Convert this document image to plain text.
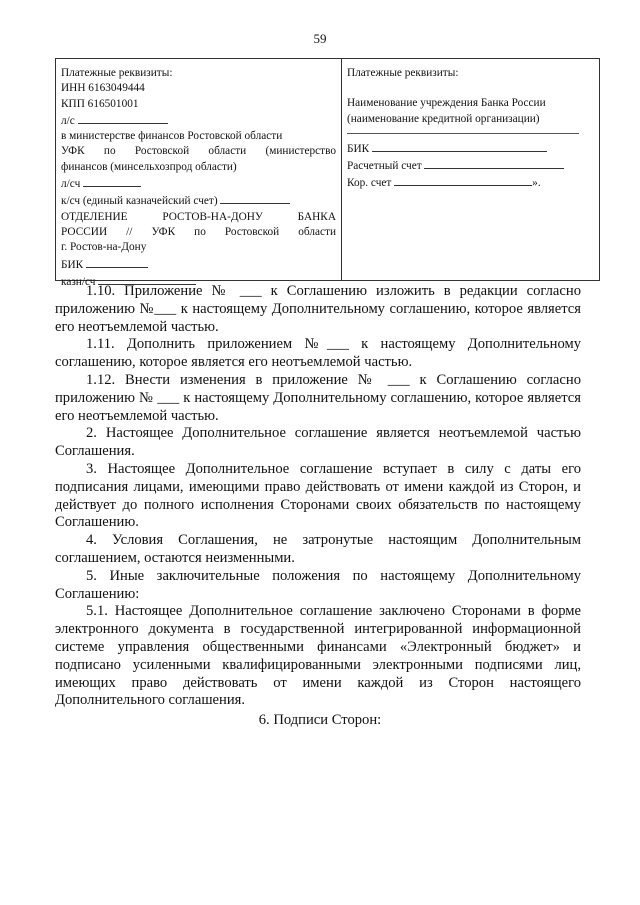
59
Платежные реквизиты:
ИНН 6163049444
КПП 616501001
л/с
в министерстве финансов Ростовской области
УФК по Ростовской области (министерство
финансов (минсельхозпрод области)
л/сч
к/сч (единый казначейский счет)
ОТДЕЛЕНИЕ РОСТОВ-НА-ДОНУ БАНКА
РОССИИ // УФК по Ростовской области
г. Ростов-на-Дону
БИК
казн/сч
Платежные реквизиты:
Наименование учреждения Банка России
(наименование кредитной организации)
БИК
Расчетный счет
Кор. счет	».

1.10. Приложение № ___ к Соглашению изложить в редакции согласно приложению №___ к настоящему Дополнительному соглашению, которое является его неотъемлемой частью.

1.11. Дополнить приложением №___ к настоящему Дополнительному соглашению, которое является его неотъемлемой частью.

1.12. Внести изменения в приложение № ___ к Соглашению согласно приложению № ___ к настоящему Дополнительному соглашению, которое является его неотъемлемой частью.

2. Настоящее Дополнительное соглашение является неотъемлемой частью Соглашения.

3. Настоящее Дополнительное соглашение вступает в силу с даты его подписания лицами, имеющими право действовать от имени каждой из Сторон, и действует до полного исполнения Сторонами своих обязательств по настоящему Соглашению.

4. Условия Соглашения, не затронутые настоящим Дополнительным соглашением, остаются неизменными.

5. Иные заключительные положения по настоящему Дополнительному Соглашению:

5.1. Настоящее Дополнительное соглашение заключено Сторонами в форме электронного документа в государственной интегрированной информационной системе управления общественными финансами «Электронный бюджет» и подписано усиленными квалифицированными электронными подписями лиц, имеющих право действовать от имени каждой из Сторон настоящего Дополнительного соглашения.

6. Подписи Сторон:
